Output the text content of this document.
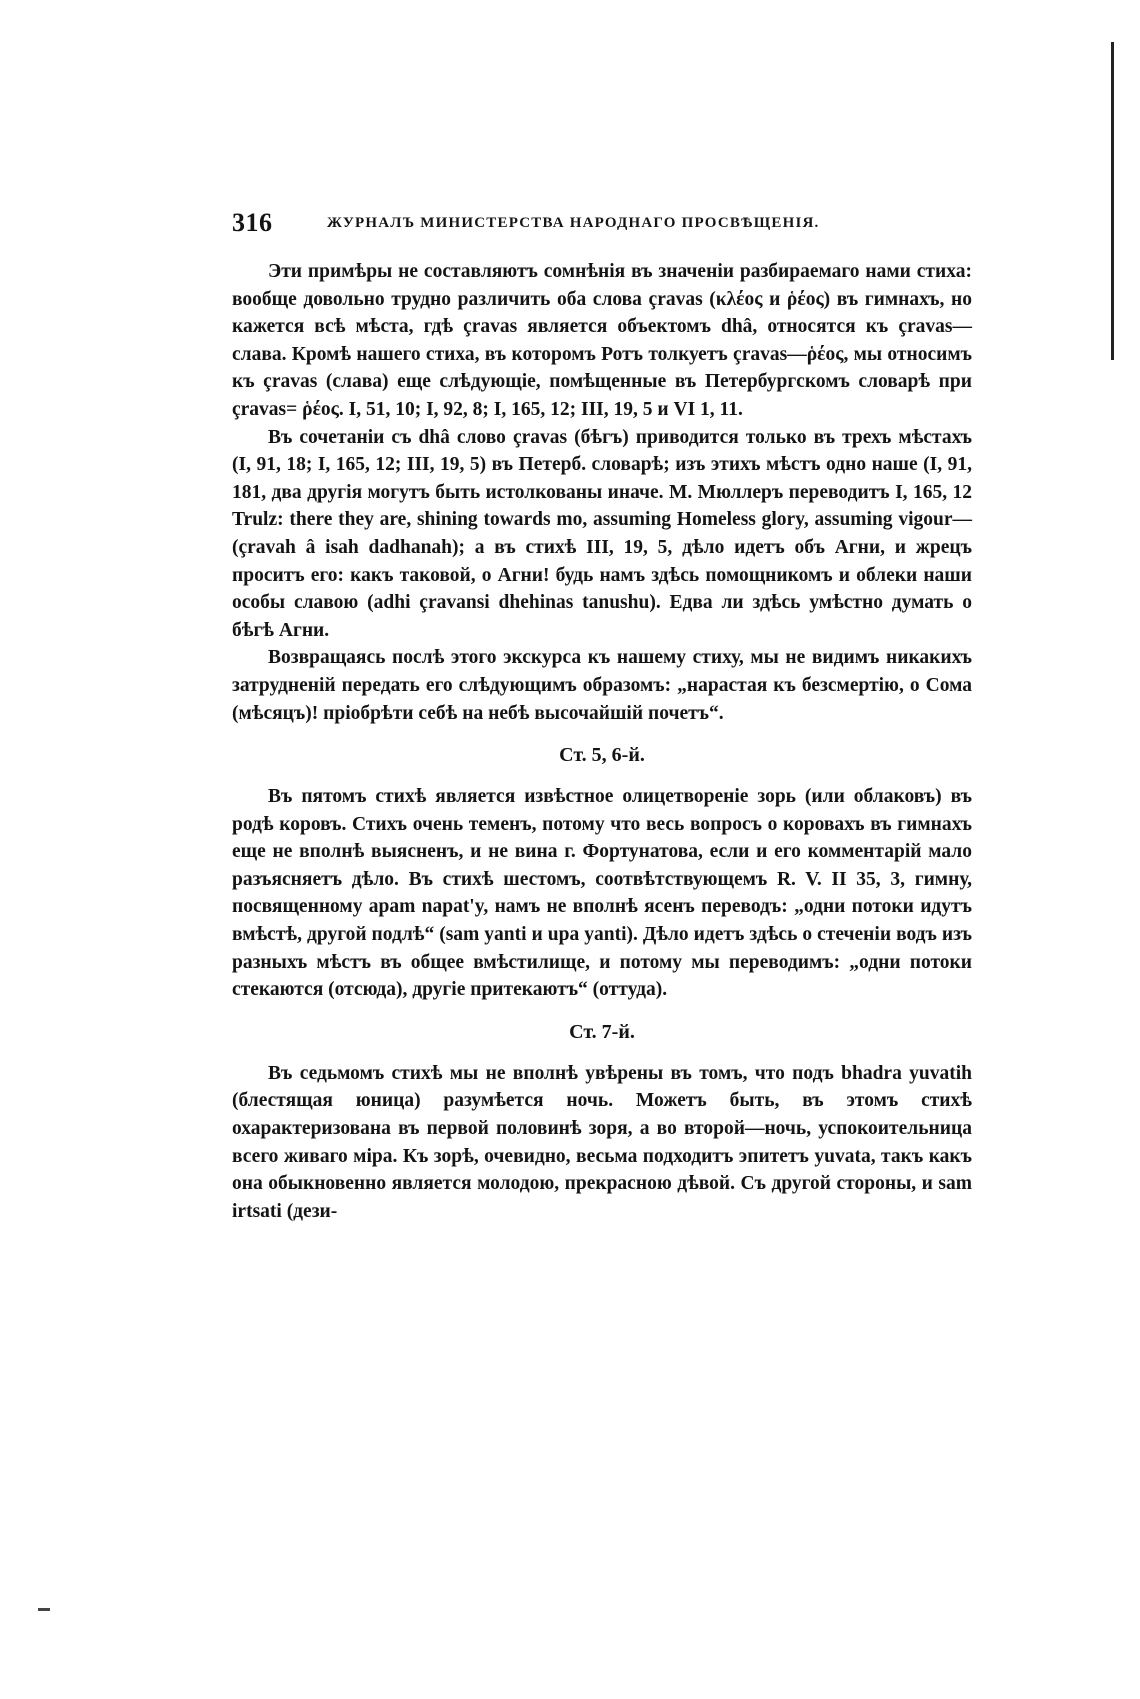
316	ЖУРНАЛЪ МИНИСТЕРСТВА НАРОДНАГО ПРОСВѢЩЕНІЯ.

Эти примѣры не составляютъ сомнѣнія въ значеніи разбираемаго нами стиха: вообще довольно трудно различить оба слова çravas (κλέος и ῥέος) въ гимнахъ, но кажется всѣ мѣста, гдѣ çravas является объектомъ dhâ, относятся къ çravas—слава. Кромѣ нашего стиха, въ которомъ Ротъ толкуетъ çravas—ῥέος, мы относимъ къ çravas (слава) еще слѣдующіе, помѣщенные въ Петербургскомъ словарѣ при çravas= ῥέος. I, 51, 10; I, 92, 8; I, 165, 12; III, 19, 5 и VI 1, 11.

Въ сочетаніи съ dhâ слово çravas (бѣгъ) приводится только въ трехъ мѣстахъ (I, 91, 18; I, 165, 12; III, 19, 5) въ Петерб. словарѣ; изъ этихъ мѣстъ одно наше (I, 91, 181, два другія могутъ быть истолкованы иначе. М. Мюллеръ переводитъ I, 165, 12 Trulz: there they are, shining towards mo, assuming Homeless glory, assuming vigour— (çravah â isah dadhanah); а въ стихѣ III, 19, 5, дѣло идетъ объ Агни, и жрецъ проситъ его: какъ таковой, о Агни! будь намъ здѣсь помощникомъ и облеки наши особы славою (adhi çravansi dhehinas tanushu). Едва ли здѣсь умѣстно думать о бѣгѣ Агни.

Возвращаясь послѣ этого экскурса къ нашему стиху, мы не видимъ никакихъ затрудненій передать его слѣдующимъ образомъ: „нарастая къ безсмертію, о Сома (мѣсяцъ)! пріобрѣти себѣ на небѣ высочайшій почетъ“.

Ст. 5, 6-й.

Въ пятомъ стихѣ является извѣстное олицетвореніе зорь (или облаковъ) въ родѣ коровъ. Стихъ очень теменъ, потому что весь вопросъ о коровахъ въ гимнахъ еще не вполнѣ выясненъ, и не вина г. Фортунатова, если и его комментарій мало разъясняетъ дѣло. Въ стихѣ шестомъ, соотвѣтствующемъ R. V. II 35, 3, гимну, посвященному apam napat'y, намъ не вполнѣ ясенъ переводъ: „одни потоки идутъ вмѣстѣ, другой подлѣ“ (sam yanti и upa yanti). Дѣло идетъ здѣсь о стеченіи водъ изъ разныхъ мѣстъ въ общее вмѣстилище, и потому мы переводимъ: „одни потоки стекаются (отсюда), другіе притекаютъ“ (оттуда).

Ст. 7-й.

Въ седьмомъ стихѣ мы не вполнѣ увѣрены въ томъ, что подъ bhadra yuvatih (блестящая юница) разумѣется ночь. Можетъ быть, въ этомъ стихѣ охарактеризована въ первой половинѣ зоря, а во второй—ночь, успокоительница всего живаго міра. Къ зорѣ, очевидно, весьма подходитъ эпитетъ yuvata, такъ какъ она обыкновенно является молодою, прекрасною дѣвой. Съ другой стороны, и sam irtsati (дези-
